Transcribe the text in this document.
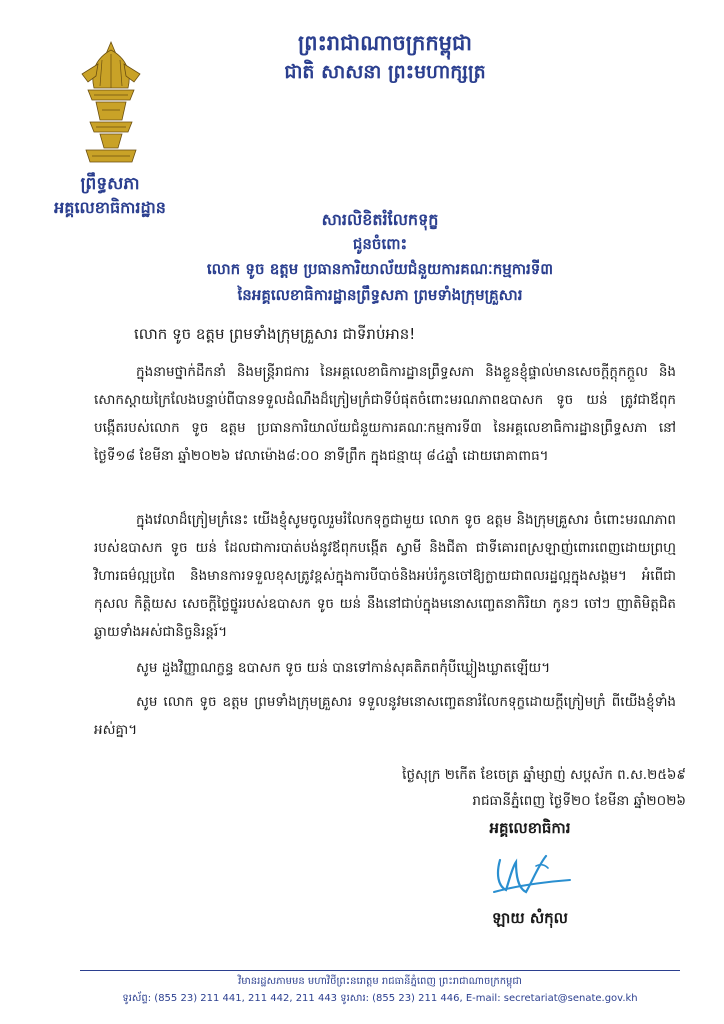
ព្រះរាជាណាចក្រកម្ពុជា
ជាតិ សាសនា ព្រះមហាក្សត្រ
ព្រឹទ្ធសភា
អគ្គលេខាធិការដ្ឋាន
សារលិខិតរំលែកទុក្ខ
ជូនចំពោះ
លោក ទូច ឧត្តម ប្រធានការិយាល័យជំនួយការគណៈកម្មការទី៣
នៃអគ្គលេខាធិការដ្ឋានព្រឹទ្ធសភា ព្រមទាំងក្រុមគ្រួសារ
លោក ទូច ឧត្តម ព្រមទាំងក្រុមគ្រួសារ ជាទីរាប់អាន!
ក្នុងនាមថ្នាក់ដឹកនាំ និងមន្ត្រីរាជការ នៃអគ្គលេខាធិការដ្ឋានព្រឹទ្ធសភា និងខ្លួនខ្ញុំផ្ទាល់មានសេចក្ដីក្ដុកក្ដួល និងសោកស្ដាយក្រៃលែងបន្ទាប់ពីបានទទួលដំណឹងដ៏ក្រៀមក្រំជាទីបំផុតចំពោះមរណភាពឧបាសក ទូច យន់ ត្រូវជាឪពុកបង្កើតរបស់លោក ទូច ឧត្តម ប្រធានការិយាល័យជំនួយការគណៈកម្មការទី៣ នៃអគ្គលេខាធិការដ្ឋានព្រឹទ្ធសភា នៅថ្ងៃទី១៨ ខែមីនា ឆ្នាំ២០២៦ វេលាម៉ោង៨:០០ នាទីព្រឹក ក្នុងជន្មាយុ ៨៤ឆ្នាំ ដោយរោគាពាធ។
ក្នុងវេលាដ៏ក្រៀមក្រំនេះ យើងខ្ញុំសូមចូលរួមរំលែកទុក្ខជាមួយ លោក ទូច ឧត្តម និងក្រុមគ្រួសារ ចំពោះមរណភាពរបស់ឧបាសក ទូច យន់ ដែលជាការបាត់បង់នូវឪពុកបង្កើត ស្វាមី និងជីតា ជាទីគោរពស្រឡាញ់ពោរពេញដោយព្រហ្មវិហារធម៌ល្អប្រពៃ និងមានការទទួលខុសត្រូវខ្ពស់ក្នុងការបីបាច់និងអប់រំកូនចៅឱ្យក្លាយជាពលរដ្ឋល្អក្នុងសង្គម។ អំពើជាកុសល កិត្តិយស សេចក្ដីថ្លៃថ្នូររបស់ឧបាសក ទូច យន់ នឹងនៅជាប់ក្នុងមនោសញ្ចេតនាកិរិយា កូនៗ ចៅៗ ញាតិមិត្តជិតឆ្ងាយទាំងអស់ជានិច្ចនិរន្តរ៍។
សូម ដួងវិញ្ញាណក្ខន្ធ ឧបាសក ទូច យន់ បានទៅកាន់សុគតិភពកុំបីឃ្លៀងឃ្លាតឡើយ។
សូម លោក ទូច ឧត្តម ព្រមទាំងក្រុមគ្រួសារ ទទួលនូវមនោសញ្ចេតនារំលែកទុក្ខដោយក្ដីក្រៀមក្រំ ពីយើងខ្ញុំទាំងអស់គ្នា។
ថ្ងៃសុក្រ ២កើត ខែចេត្រ ឆ្នាំម្សាញ់ សប្តស័ក ព.ស.២៥៦៩
រាជធានីភ្នំពេញ ថ្ងៃទី២០ ខែមីនា ឆ្នាំ២០២៦
អគ្គលេខាធិការ
ឡាយ សំកុល
វិមានរដ្ឋសភាមមន មហាវិថីព្រះនរោត្តម រាជធានីភ្នំពេញ ព្រះរាជាណាចក្រកម្ពុជា
ទូរស័ព្ទ: (855 23) 211 441, 211 442, 211 443 ទូរសារ: (855 23) 211 446, E-mail: secretariat@senate.gov.kh
